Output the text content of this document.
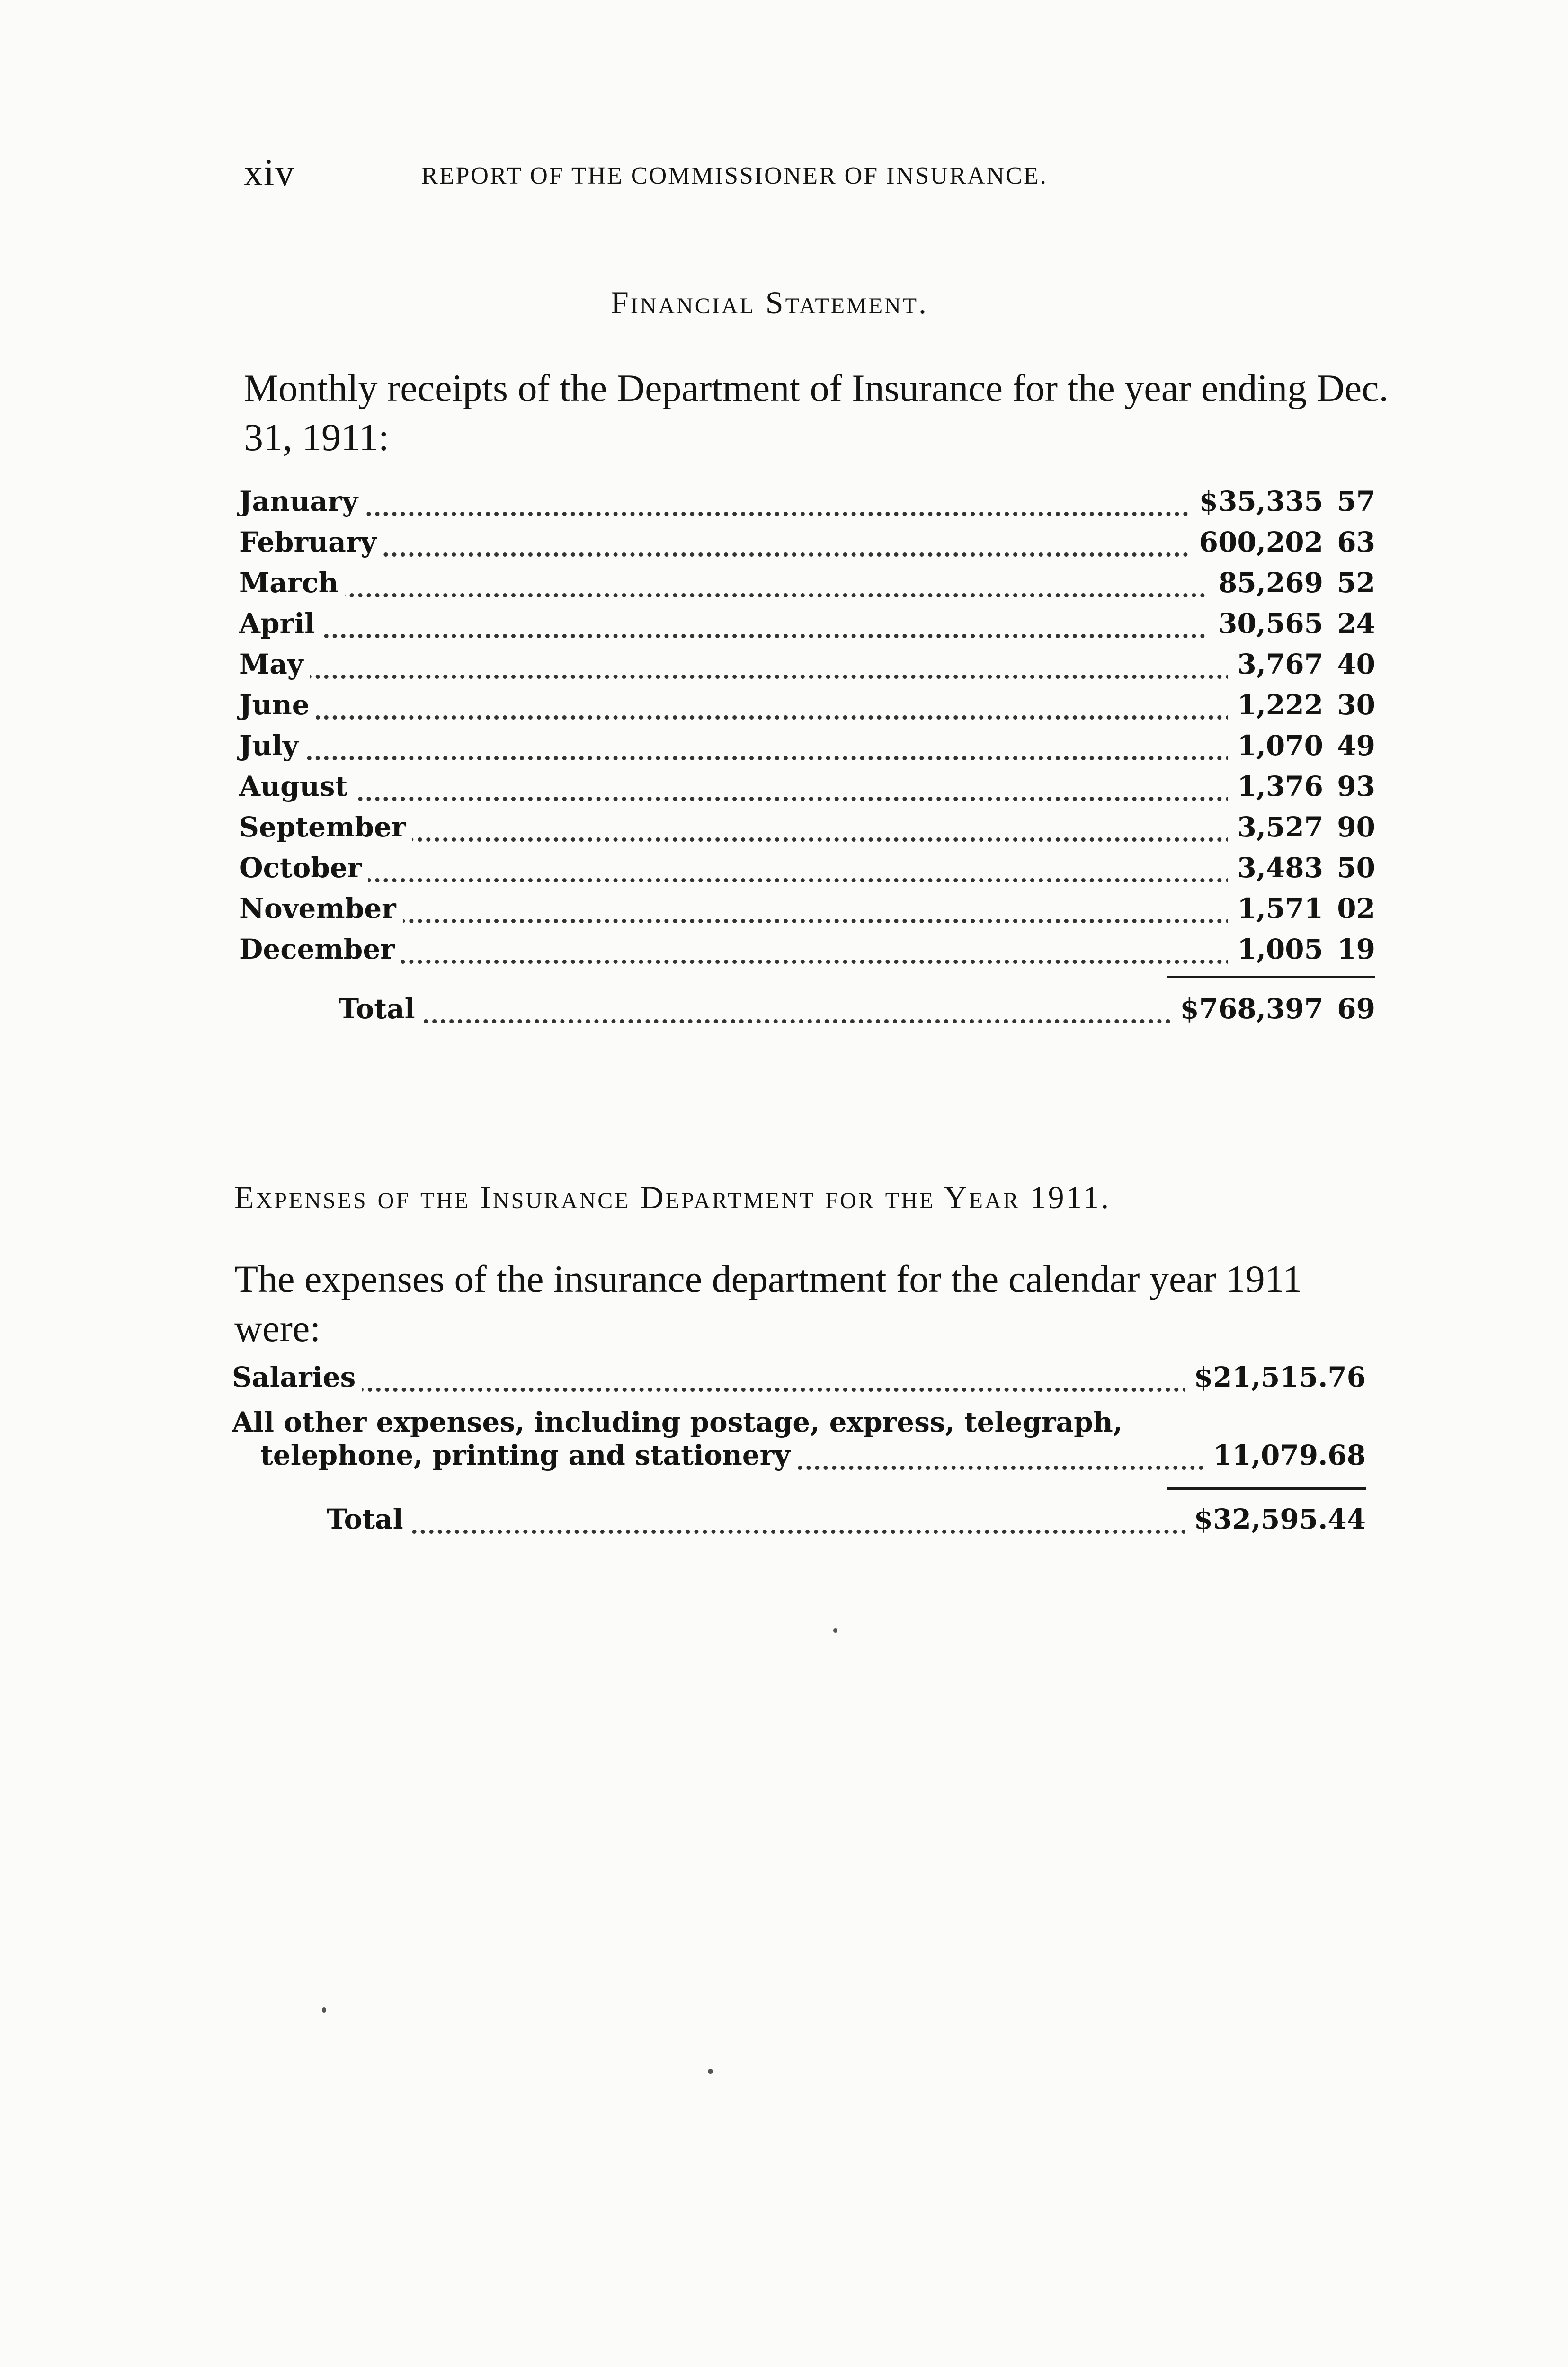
xiv	REPORT OF THE COMMISSIONER OF INSURANCE.
Financial Statement.
Monthly receipts of the Department of Insurance for the year ending Dec. 31, 1911:
January	$35,335 57
February	600,202 63
March	85,269 52
April	30,565 24
May	3,767 40
June	1,222 30
July	1,070 49
August	1,376 93
September	3,527 90
October	3,483 50
November	1,571 02
December	1,005 19
Total	$768,397 69
Expenses of the Insurance Department for the Year 1911.
The expenses of the insurance department for the calendar year 1911 were:
Salaries	$21,515.76
All other expenses, including postage, express, telegraph,
telephone, printing and stationery	11,079.68
Total	$32,595.44
